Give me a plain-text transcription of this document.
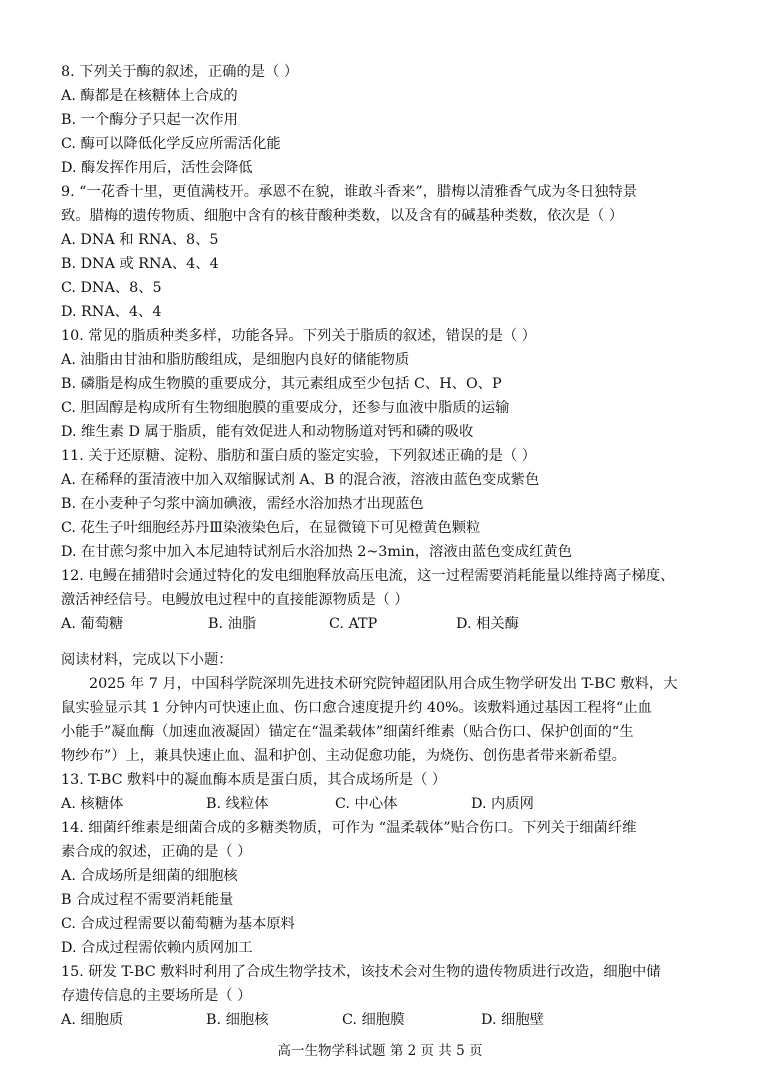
8. 下列关于酶的叙述，正确的是（ ）
A. 酶都是在核糖体上合成的
B. 一个酶分子只起一次作用
C. 酶可以降低化学反应所需活化能
D. 酶发挥作用后，活性会降低
9. “一花香十里，更值满枝开。承恩不在貌，谁敢斗香来”，腊梅以清雅香气成为冬日独特景
致。腊梅的遗传物质、细胞中含有的核苷酸种类数，以及含有的碱基种类数，依次是（ ）
A. DNA 和 RNA、8、5
B. DNA 或 RNA、4、4
C. DNA、8、5
D. RNA、4、4
10. 常见的脂质种类多样，功能各异。下列关于脂质的叙述，错误的是（ ）
A. 油脂由甘油和脂肪酸组成，是细胞内良好的储能物质
B. 磷脂是构成生物膜的重要成分，其元素组成至少包括 C、H、O、P
C. 胆固醇是构成所有生物细胞膜的重要成分，还参与血液中脂质的运输
D. 维生素 D 属于脂质，能有效促进人和动物肠道对钙和磷的吸收
11. 关于还原糖、淀粉、脂肪和蛋白质的鉴定实验，下列叙述正确的是（ ）
A. 在稀释的蛋清液中加入双缩脲试剂 A、B 的混合液，溶液由蓝色变成紫色
B. 在小麦种子匀浆中滴加碘液，需经水浴加热才出现蓝色
C. 花生子叶细胞经苏丹Ⅲ染液染色后，在显微镜下可见橙黄色颗粒
D. 在甘蔗匀浆中加入本尼迪特试剂后水浴加热 2~3min，溶液由蓝色变成红黄色
12. 电鳗在捕猎时会通过特化的发电细胞释放高压电流，这一过程需要消耗能量以维持离子梯度、
激活神经信号。电鳗放电过程中的直接能源物质是（ ）
A. 葡萄糖	B. 油脂	C. ATP	D. 相关酶
阅读材料，完成以下小题：
2025 年 7 月，中国科学院深圳先进技术研究院钟超团队用合成生物学研发出 T-BC 敷料，大
鼠实验显示其 1 分钟内可快速止血、伤口愈合速度提升约 40%。该敷料通过基因工程将“止血
小能手”凝血酶（加速血液凝固）锚定在“温柔载体”细菌纤维素（贴合伤口、保护创面的“生
物纱布”）上，兼具快速止血、温和护创、主动促愈功能，为烧伤、创伤患者带来新希望。
13. T-BC 敷料中的凝血酶本质是蛋白质，其合成场所是（ ）
A. 核糖体	B. 线粒体	C. 中心体	D. 内质网
14. 细菌纤维素是细菌合成的多糖类物质，可作为 “温柔载体”贴合伤口。下列关于细菌纤维
素合成的叙述，正确的是（ ）
A. 合成场所是细菌的细胞核
B 合成过程不需要消耗能量
C. 合成过程需要以葡萄糖为基本原料
D. 合成过程需依赖内质网加工
15. 研发 T-BC 敷料时利用了合成生物学技术，该技术会对生物的遗传物质进行改造，细胞中储
存遗传信息的主要场所是（ ）
A. 细胞质	B. 细胞核	C. 细胞膜	D. 细胞壁
高一生物学科试题 第 2 页 共 5 页
